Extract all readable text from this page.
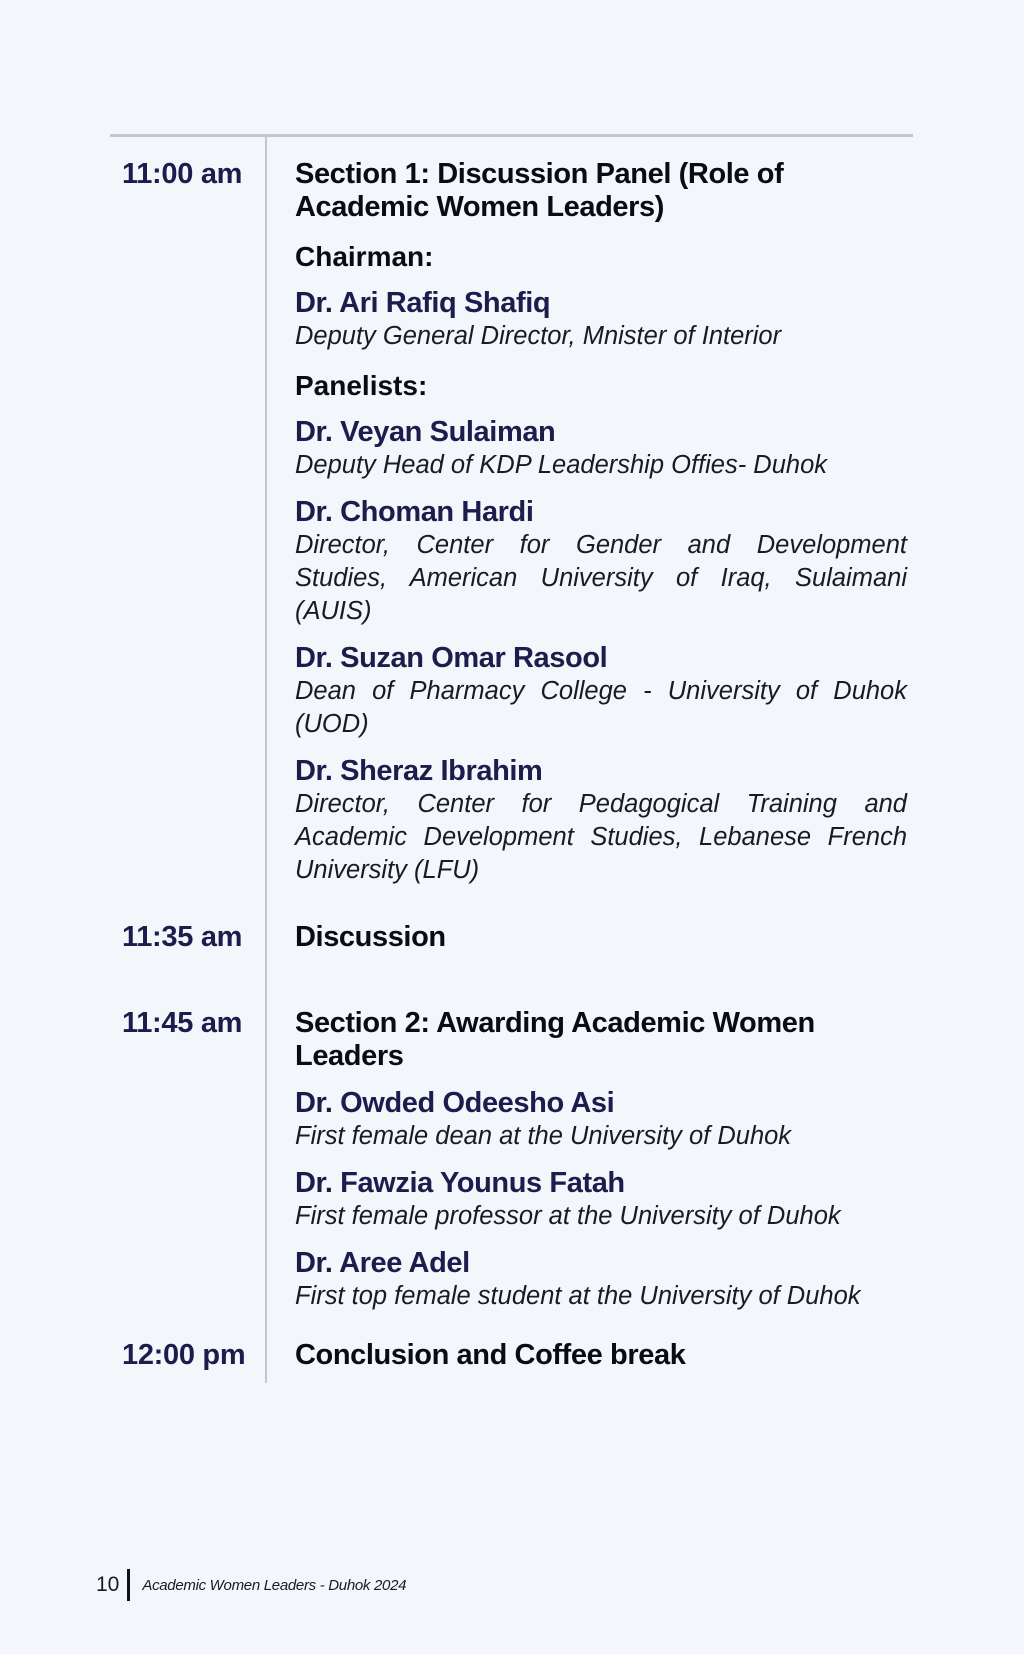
11:00 am	Section 1: Discussion Panel (Role of Academic Women Leaders)
Chairman:
Dr. Ari Rafiq Shafiq
Deputy General Director, Mnister of Interior
Panelists:
Dr. Veyan Sulaiman
Deputy Head of KDP Leadership Offies- Duhok
Dr. Choman Hardi
Director, Center for Gender and Development Studies, American University of Iraq, Sulaimani (AUIS)
Dr. Suzan Omar Rasool
Dean of Pharmacy College - University of Duhok (UOD)
Dr. Sheraz Ibrahim
Director, Center for Pedagogical Training and Academic Development Studies, Lebanese French University (LFU)
11:35 am	Discussion
11:45 am	Section 2: Awarding Academic Women Leaders
Dr. Owded Odeesho Asi
First female dean at the University of Duhok
Dr. Fawzia Younus Fatah
First female professor at the University of Duhok
Dr. Aree Adel
First top female student at the University of Duhok
12:00 pm	Conclusion and Coffee break
10 Academic Women Leaders - Duhok 2024
